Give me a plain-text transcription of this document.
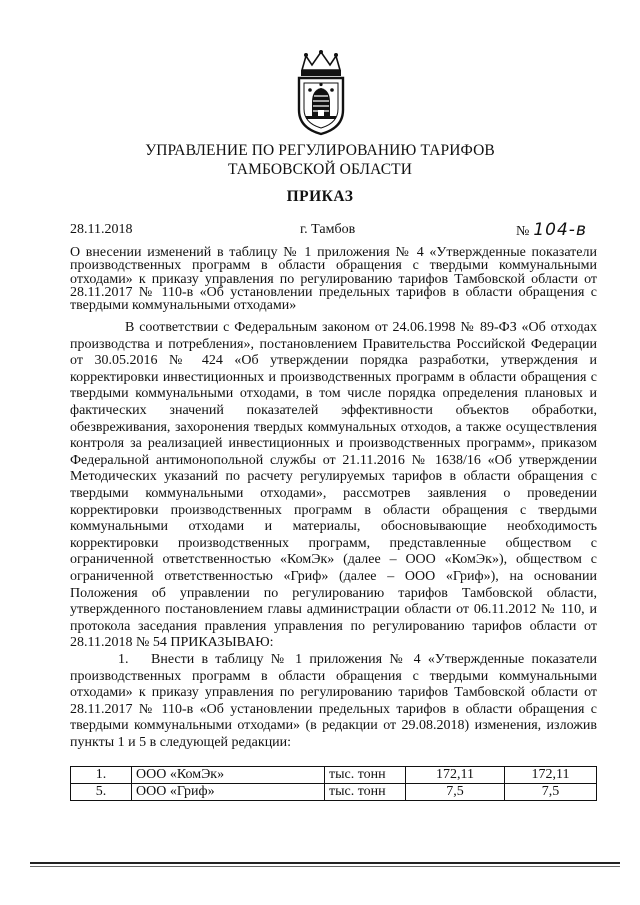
УПРАВЛЕНИЕ ПО РЕГУЛИРОВАНИЮ ТАРИФОВ
ТАМБОВСКОЙ ОБЛАСТИ
ПРИКАЗ
28.11.2018	г. Тамбов	№ 104-в

О внесении изменений в таблицу № 1 приложения № 4 «Утвержденные показатели производственных программ в области обращения с твердыми коммунальными отходами» к приказу управления по регулированию тарифов Тамбовской области от 28.11.2017 № 110-в «Об установлении предельных тарифов в области обращения с твердыми коммунальными отходами»

В соответствии с Федеральным законом от 24.06.1998 № 89-ФЗ «Об отходах производства и потребления», постановлением Правительства Российской Федерации от 30.05.2016 № 424 «Об утверждении порядка разработки, утверждения и корректировки инвестиционных и производственных программ в области обращения с твердыми коммунальными отходами, в том числе порядка определения плановых и фактических значений показателей эффективности объектов обработки, обезвреживания, захоронения твердых коммунальных отходов, а также осуществления контроля за реализацией инвестиционных и производственных программ», приказом Федеральной антимонопольной службы от 21.11.2016 № 1638/16 «Об утверждении Методических указаний по расчету регулируемых тарифов в области обращения с твердыми коммунальными отходами», рассмотрев заявления о проведении корректировки производственных программ в области обращения с твердыми коммунальными отходами и материалы, обосновывающие необходимость корректировки производственных программ, представленные обществом с ограниченной ответственностью «КомЭк» (далее – ООО «КомЭк»), обществом с ограниченной ответственностью «Гриф» (далее – ООО «Гриф»), на основании Положения об управлении по регулированию тарифов Тамбовской области, утвержденного постановлением главы администрации области от 06.11.2012 № 110, и протокола заседания правления управления по регулированию тарифов области от 28.11.2018 № 54 ПРИКАЗЫВАЮ:

1. Внести в таблицу № 1 приложения № 4 «Утвержденные показатели производственных программ в области обращения с твердыми коммунальными отходами» к приказу управления по регулированию тарифов Тамбовской области от 28.11.2017 № 110-в «Об установлении предельных тарифов в области обращения с твердыми коммунальными отходами» (в редакции от 29.08.2018) изменения, изложив пункты 1 и 5 в следующей редакции:

1.	ООО «КомЭк»	тыс. тонн	172,11	172,11
5.	ООО «Гриф»	тыс. тонн	7,5	7,5
